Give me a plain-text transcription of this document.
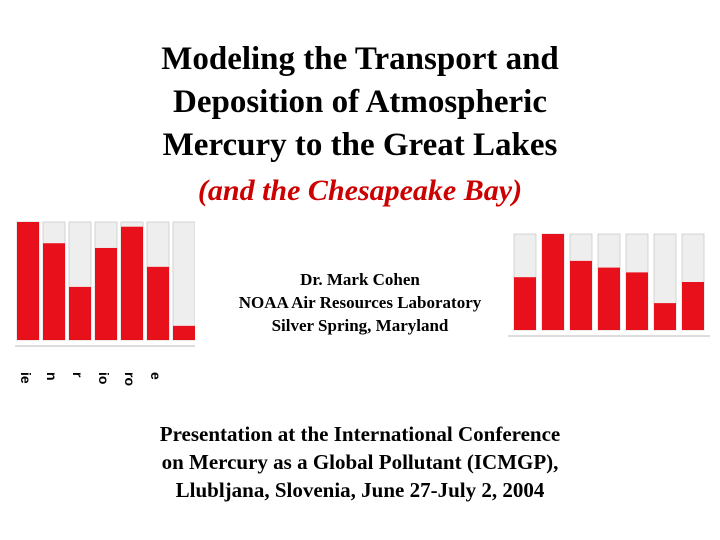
Modeling the Transport and
Deposition of Atmospheric
Mercury to the Great Lakes
(and the Chesapeake Bay)
Dr. Mark Cohen
NOAA Air Resources Laboratory
Silver Spring, Maryland
Presentation at the International Conference
on Mercury as a Global Pollutant (ICMGP),
Llubljana, Slovenia, June 27-July 2, 2004
ie n r io ro e
